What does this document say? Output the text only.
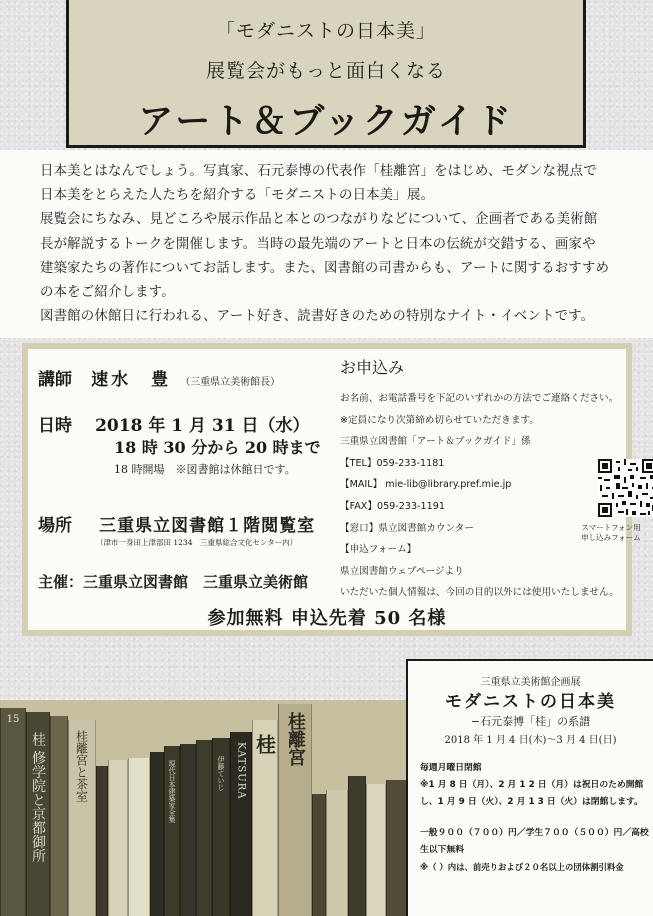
「モダニストの日本美」
展覧会がもっと面白くなる
アート＆ブックガイド

日本美とはなんでしょう。写真家、石元泰博の代表作「桂離宮」をはじめ、モダンな視点で

日本美をとらえた人たちを紹介する「モダニストの日本美」展。

展覧会にちなみ、見どころや展示作品と本とのつながりなどについて、企画者である美術館

長が解説するトークを開催します。当時の最先端のアートと日本の伝統が交錯する、画家や

建築家たちの著作についてお話します。また、図書館の司書からも、アートに関するおすすめ

の本をご紹介します。

図書館の休館日に行われる、アート好き、読書好きのための特別なナイト・イベントです。

講師 速水　豊 （三重県立美術館長）
日時 2018 年 1 月 31 日（水）
18 時 30 分から 20 時まで
18 時開場　※図書館は休館日です。
場所 三重県立図書館１階閲覧室
（津市一身田上津部田 1234　三重県総合文化センター内）
主催：三重県立図書館　三重県立美術館
お申込み
お名前、お電話番号を下記のいずれかの方法でご連絡ください。
※定員になり次第締め切らせていただきます。
三重県立図書館「アート＆ブックガイド」係
【TEL】059-233-1181
【MAIL】 mie-lib@library.pref.mie.jp
【FAX】059-233-1191
【窓口】県立図書館カウンター
【申込フォーム】
県立図書館ウェブページより
いただいた個人情報は、今回の目的以外には使用いたしません。
スマートフォン用
申し込みフォーム
参加無料 申込先着 50 名様
15
桂 修学院と京都御所 桂離宮と茶室	現代日本建築家全集	伊藤ていじ KATSURA 桂 桂離宮
三重県立美術館企画展
モダニストの日本美
−石元泰博「桂」の系譜
2018 年 1 月 4 日(木)〜3 月 4 日(日)
毎週月曜日閉館
※1 月 8 日（月）、2 月 1 2 日（月）は祝日のため開館し、1 月 9 日（火）、2 月 1 3 日（火）は閉館します。
一般９００（７００）円／学生７００（５００）円／高校生以下無料
※（ ）内は、前売りおよび２０名以上の団体割引料金
